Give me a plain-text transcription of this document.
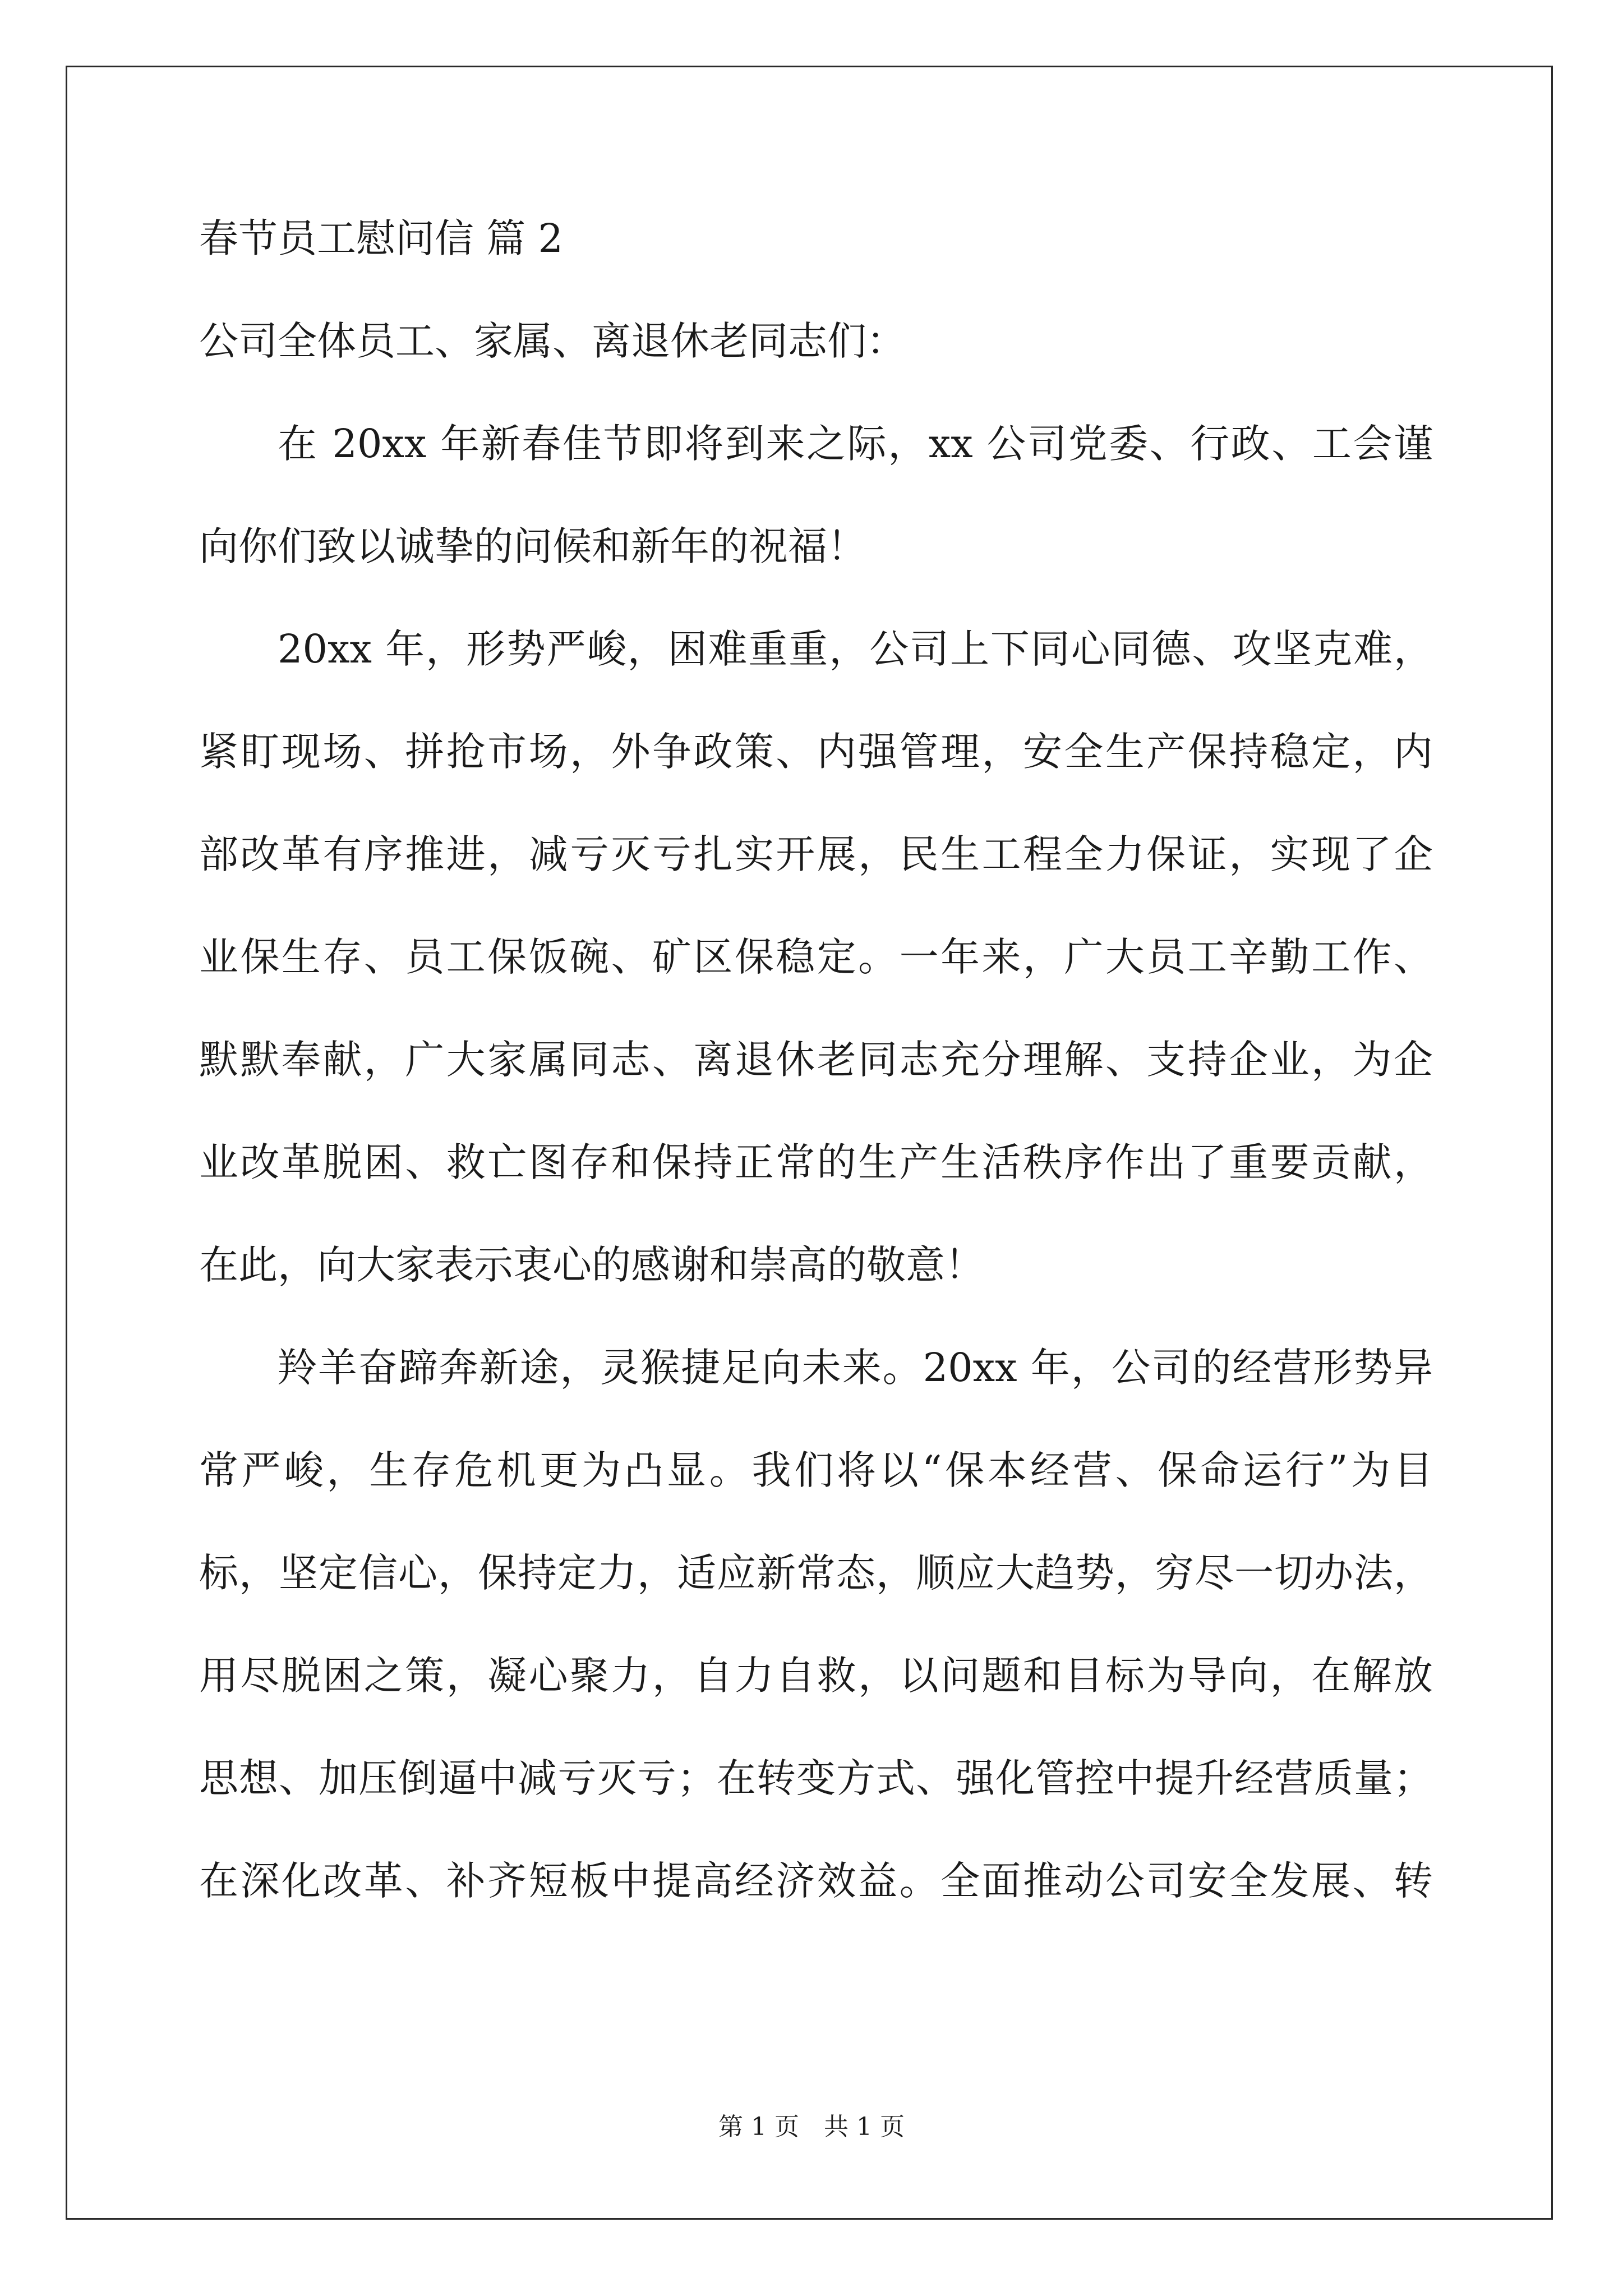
春节员工慰问信 篇 2
公司全体员工、家属、离退休老同志们：
在 20xx 年新春佳节即将到来之际，xx 公司党委、行政、工会谨
向你们致以诚挚的问候和新年的祝福！
20xx 年，形势严峻，困难重重，公司上下同心同德、攻坚克难，
紧盯现场、拼抢市场，外争政策、内强管理，安全生产保持稳定，内
部改革有序推进，减亏灭亏扎实开展，民生工程全力保证，实现了企
业保生存、员工保饭碗、矿区保稳定。一年来，广大员工辛勤工作、
默默奉献，广大家属同志、离退休老同志充分理解、支持企业，为企
业改革脱困、救亡图存和保持正常的生产生活秩序作出了重要贡献，
在此，向大家表示衷心的感谢和崇高的敬意！
羚羊奋蹄奔新途，灵猴捷足向未来。20xx 年，公司的经营形势异
常严峻，生存危机更为凸显。我们将以“保本经营、保命运行”为目
标，坚定信心，保持定力，适应新常态，顺应大趋势，穷尽一切办法，
用尽脱困之策，凝心聚力，自力自救，以问题和目标为导向，在解放
思想、加压倒逼中减亏灭亏；在转变方式、强化管控中提升经营质量；
在深化改革、补齐短板中提高经济效益。全面推动公司安全发展、转
第 1 页　共 1 页
